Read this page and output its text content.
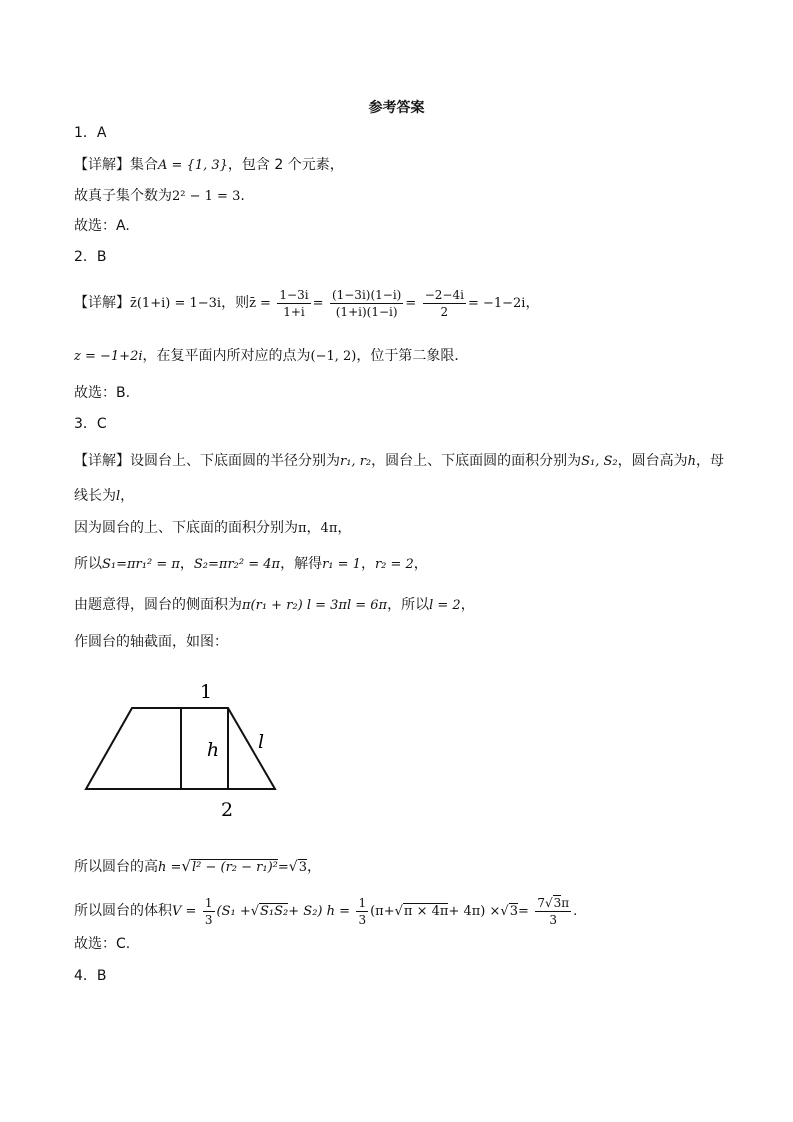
参考答案
1．A
【详解】集合A = {1, 3}，包含 2 个元素，
故真子集个数为2² − 1 = 3.
故选：A.
2．B
【详解】z̄(1+i) = 1−3i，则z̄ = $\frac{1-3i}{1+i} = \frac{(1-3i)(1-i)}{(1+i)(1-i)} = \frac{-2-4i}{2} = -1-2i$，
z = −1+2i，在复平面内所对应的点为(−1, 2)，位于第二象限．
故选：B.
3．C
【详解】设圆台上、下底面圆的半径分别为r₁, r₂，圆台上、下底面圆的面积分别为S₁, S₂，圆台高为h，母
线长为l，
因为圆台的上、下底面的面积分别为π，4π，
所以S₁=πr₁² = π，S₂=πr₂² = 4π，解得r₁ = 1，r₂ = 2，
由题意得，圆台的侧面积为π(r₁ + r₂) l = 3πl = 6π，所以l = 2，
作圆台的轴截面，如图：
1
h l
2
所以圆台的高h =√l² − (r₂ − r₁)²=√3，
所以圆台的体积$V = \frac{1}{3} (S_1 +√S_1S_2+ S_2) h = \frac{1}{3} (\pi+√\pi \times 4\pi+ 4\pi) \times√3= \frac{7√3\pi}{3}$ .
故选：C.
4．B
